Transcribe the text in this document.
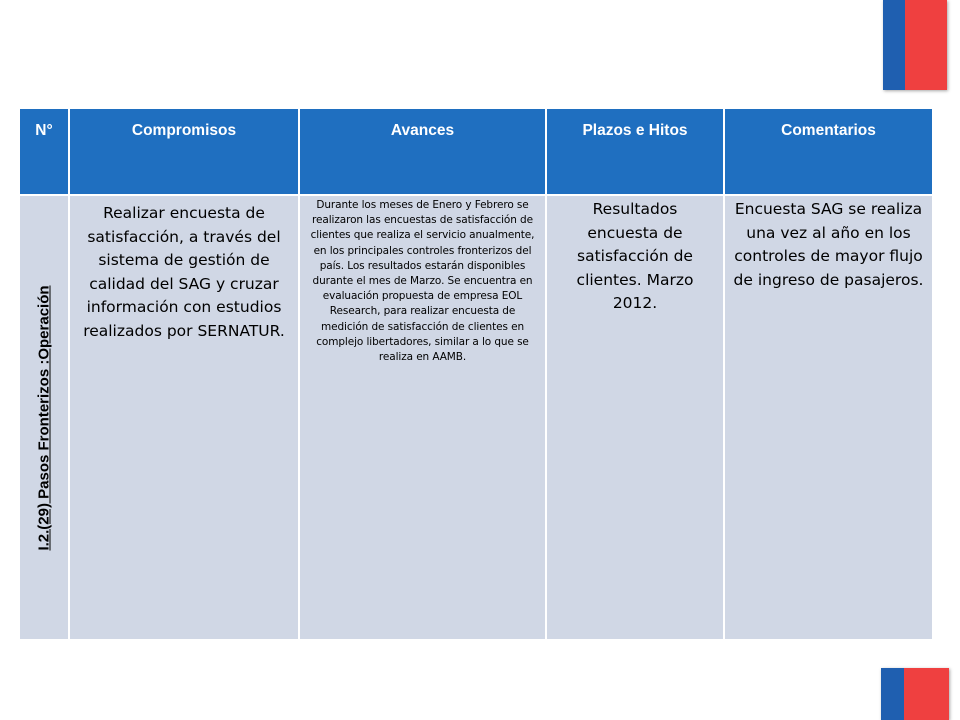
N°	Compromisos	Avances	Plazos e Hitos	Comentarios

I.2.(29) Pasos Fronterizos :Operación	Realizar encuesta de satisfacción, a través del sistema de gestión de calidad del SAG y cruzar información con estudios realizados por SERNATUR.	Durante los meses de Enero y Febrero se realizaron las encuestas de satisfacción de clientes que realiza el servicio anualmente, en los principales controles fronterizos del país. Los resultados estarán disponibles durante el mes de Marzo. Se encuentra en evaluación propuesta de empresa EOL Research, para realizar encuesta de medición de satisfacción de clientes en complejo libertadores, similar a lo que se realiza en AAMB.	Resultados encuesta de satisfacción de clientes. Marzo 2012.	Encuesta SAG se realiza una vez al año en los controles de mayor flujo de ingreso de pasajeros.
